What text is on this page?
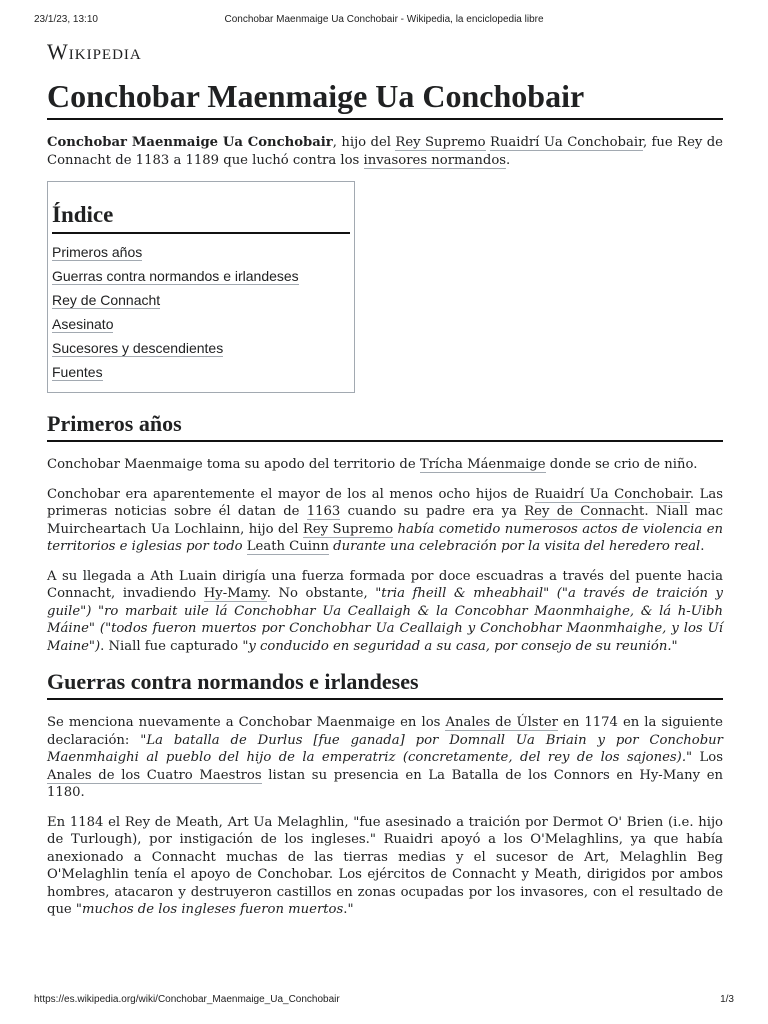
23/1/23, 13:10	Conchobar Maenmaige Ua Conchobair - Wikipedia, la enciclopedia libre
Wikipedia
Conchobar Maenmaige Ua Conchobair

Conchobar Maenmaige Ua Conchobair, hijo del Rey Supremo Ruaidrí Ua Conchobair, fue Rey de Connacht de 1183 a 1189 que luchó contra los invasores normandos.

Índice
Primeros años
Guerras contra normandos e irlandeses
Rey de Connacht
Asesinato
Sucesores y descendientes
Fuentes
Primeros años

Conchobar Maenmaige toma su apodo del territorio de Trícha Máenmaige donde se crio de niño.

Conchobar era aparentemente el mayor de los al menos ocho hijos de Ruaidrí Ua Conchobair. Las primeras noticias sobre él datan de 1163 cuando su padre era ya Rey de Connacht. Niall mac Muircheartach Ua Lochlainn, hijo del Rey Supremo había cometido numerosos actos de violencia en territorios e iglesias por todo Leath Cuinn durante una celebración por la visita del heredero real.

A su llegada a Ath Luain dirigía una fuerza formada por doce escuadras a través del puente hacia Connacht, invadiendo Hy-Mamy. No obstante, "tria fheill & mheabhail" ("a través de traición y guile") "ro marbait uile lá Conchobhar Ua Ceallaigh & la Concobhar Maonmhaighe, & lá h-Uibh Máine" ("todos fueron muertos por Conchobhar Ua Ceallaigh y Conchobhar Maonmhaighe, y los Uí Maine"). Niall fue capturado "y conducido en seguridad a su casa, por consejo de su reunión."

Guerras contra normandos e irlandeses

Se menciona nuevamente a Conchobar Maenmaige en los Anales de Úlster en 1174 en la siguiente declaración: "La batalla de Durlus [fue ganada] por Domnall Ua Briain y por Conchobur Maenmhaighi al pueblo del hijo de la emperatriz (concretamente, del rey de los sajones)." Los Anales de los Cuatro Maestros listan su presencia en La Batalla de los Connors en Hy-Many en 1180.

En 1184 el Rey de Meath, Art Ua Melaghlin, "fue asesinado a traición por Dermot O' Brien (i.e. hijo de Turlough), por instigación de los ingleses." Ruaidri apoyó a los O'Melaghlins, ya que había anexionado a Connacht muchas de las tierras medias y el sucesor de Art, Melaghlin Beg O'Melaghlin tenía el apoyo de Conchobar. Los ejércitos de Connacht y Meath, dirigidos por ambos hombres, atacaron y destruyeron castillos en zonas ocupadas por los invasores, con el resultado de que "muchos de los ingleses fueron muertos."

https://es.wikipedia.org/wiki/Conchobar_Maenmaige_Ua_Conchobair	1/3
